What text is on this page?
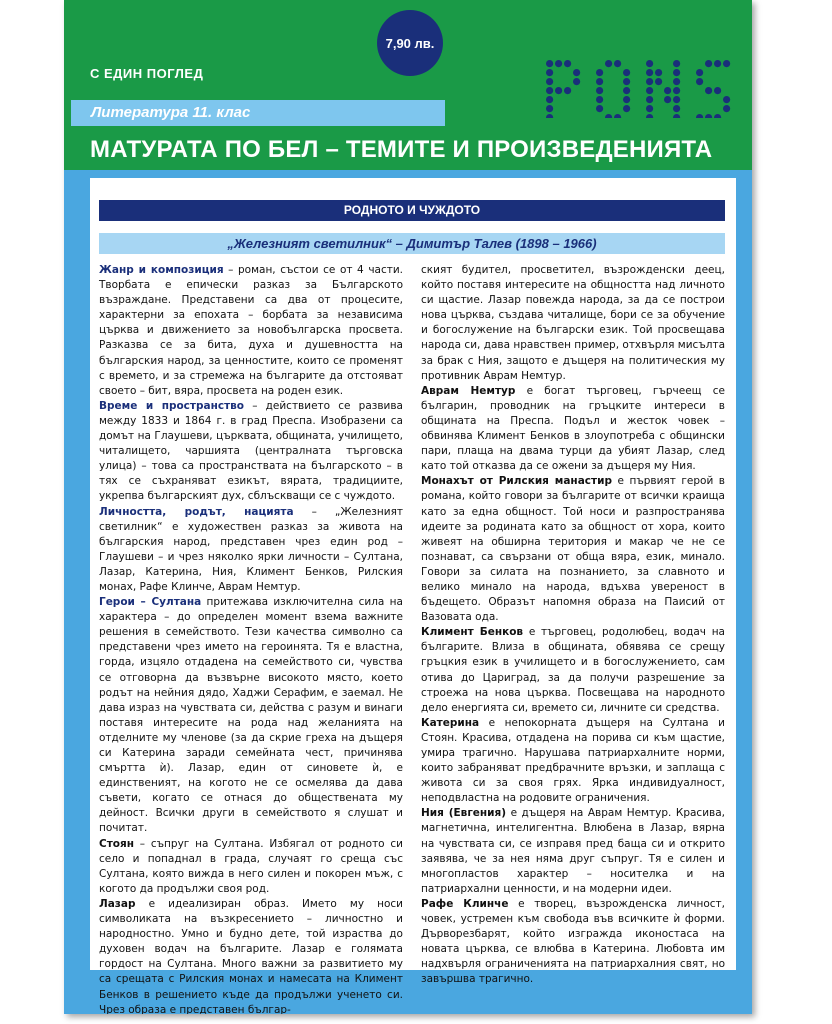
7,90 лв.
С ЕДИН ПОГЛЕД
Литература 11. клас
МАТУРАТА ПО БЕЛ – ТЕМИТЕ И ПРОИЗВЕДЕНИЯТА
РОДНОТО И ЧУЖДОТО
„Железният светилник“ – Димитър Талев (1898 – 1966)

Жанр и композиция – роман, състои се от 4 части. Творбата е епически разказ за Българското възраждане. Представени са два от процесите, характерни за епохата – борбата за независима църква и движението за новобългарска просвета. Разказва се за бита, духа и душевността на българския народ, за ценностите, които се променят с времето, и за стремежа на българите да отстояват своето – бит, вяра, просвета на роден език.

Време и пространство – действието се развива между 1833 и 1864 г. в град Преспа. Изобразени са домът на Глаушеви, църквата, общината, училището, читалището, чаршията (централната търговска улица) – това са пространствата на българското – в тях се съхраняват езикът, вярата, традициите, укрепва българският дух, сблъскващи се с чуждото.

Личността, родът, нацията – „Железният светилник“ е художествен разказ за живота на българския народ, представен чрез един род – Глаушеви – и чрез няколко ярки личности – Султана, Лазар, Катерина, Ния, Климент Бенков, Рилския монах, Рафе Клинче, Аврам Немтур.

Герои – Султана притежава изключителна сила на характера – до определен момент взема важните решения в семейството. Тези качества символно са представени чрез името на героинята. Тя е властна, горда, изцяло отдадена на семейството си, чувства се отговорна да възвърне високото място, което родът на нейния дядо, Хаджи Серафим, е заемал. Не дава израз на чувствата си, действа с разум и винаги поставя интересите на рода над желанията на отделните му членове (за да скрие греха на дъщеря си Катерина заради семейната чест, причинява смъртта ѝ). Лазар, един от синовете ѝ, е единственият, на когото не се осмелява да дава съвети, когато се отнася до обществената му дейност. Всички други в семейството я слушат и почитат.

Стоян – съпруг на Султана. Избягал от родното си село и попаднал в града, случаят го среща със Султана, която вижда в него силен и покорен мъж, с когото да продължи своя род.

Лазар е идеализиран образ. Името му носи символиката на възкресението – личностно и народностно. Умно и будно дете, той израства до духовен водач на българите. Лазар е голямата гордост на Султана. Много важни за развитието му са срещата с Рилския монах и намесата на Климент Бенков в решението къде да продължи ученето си. Чрез образа е представен българ-

ският будител, просветител, възрожденски деец, който поставя интересите на общността над личното си щастие. Лазар повежда народа, за да се построи нова църква, създава читалище, бори се за обучение и богослужение на български език. Той просвещава народа си, дава нравствен пример, отхвърля мисълта за брак с Ния, защото е дъщеря на политическия му противник Аврам Немтур.

Аврам Немтур е богат търговец, гърчеещ се българин, проводник на гръцките интереси в общината на Преспа. Подъл и жесток човек – обвинява Климент Бенков в злоупотреба с общински пари, плаща на двама турци да убият Лазар, след като той отказва да се ожени за дъщеря му Ния.

Монахът от Рилския манастир е първият герой в романа, който говори за българите от всички краища като за една общност. Той носи и разпространява идеите за родината като за общност от хора, които живеят на обширна територия и макар че не се познават, са свързани от обща вяра, език, минало. Говори за силата на познанието, за славното и велико минало на народа, вдъхва увереност в бъдещето. Образът напомня образа на Паисий от Вазовата ода.

Климент Бенков е търговец, родолюбец, водач на българите. Влиза в общината, обявява се срещу гръцкия език в училището и в богослужението, сам отива до Цариград, за да получи разрешение за строежа на нова църква. Посвещава на народното дело енергията си, времето си, личните си средства.

Катерина е непокорната дъщеря на Султана и Стоян. Красива, отдадена на порива си към щастие, умира трагично. Нарушава патриархалните норми, които забраняват предбрачните връзки, и заплаща с живота си за своя грях. Ярка индивидуалност, неподвластна на родовите ограничения.

Ния (Евгения) е дъщеря на Аврам Немтур. Красива, магнетична, интелигентна. Влюбена в Лазар, вярна на чувствата си, се изправя пред баща си и открито заявява, че за нея няма друг съпруг. Тя е силен и многопластов характер – носителка и на патриархални ценности, и на модерни идеи.

Рафе Клинче е творец, възрожденска личност, човек, устремен към свобода във всичките ѝ форми. Дърворезбарят, който изгражда иконостаса на новата църква, се влюбва в Катерина. Любовта им надхвърля ограниченията на патриархалния свят, но завършва трагично.
